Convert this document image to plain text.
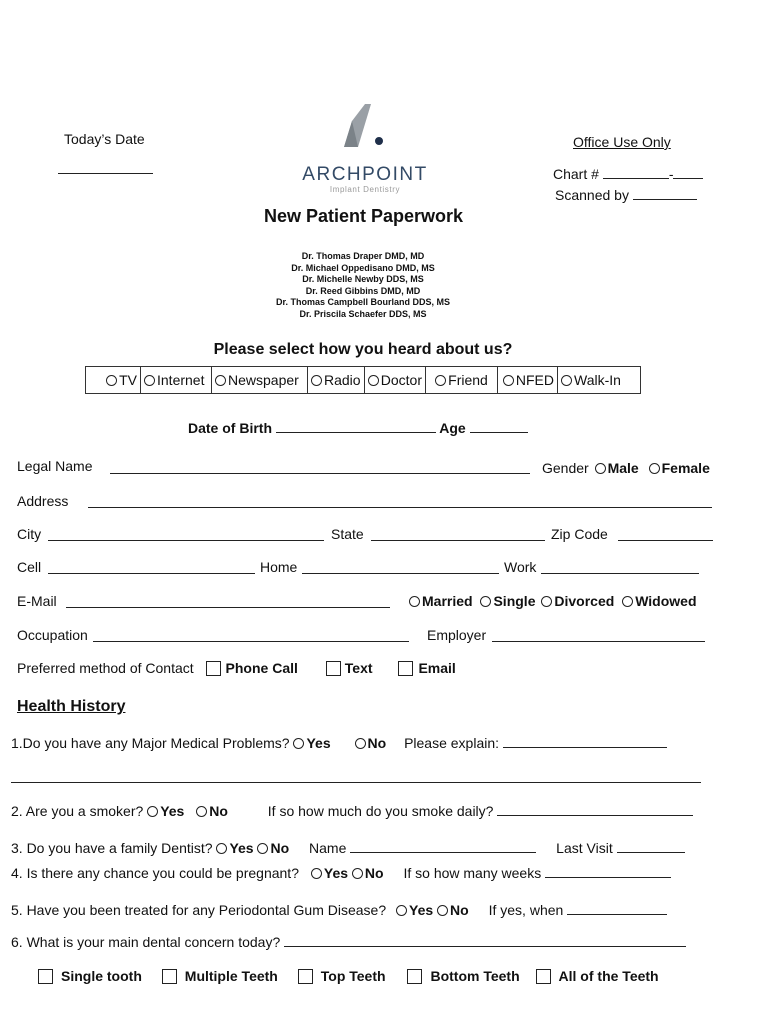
Today’s Date
ARCHPOINT
Implant Dentistry
Office Use Only
Chart #	-
Scanned by
New Patient Paperwork
Dr. Thomas Draper DMD, MD
Dr. Michael Oppedisano DMD, MS
Dr. Michelle Newby DDS, MS
Dr. Reed Gibbins DMD, MD
Dr. Thomas Campbell Bourland DDS, MS
Dr. Priscila Schaefer DDS, MS
Please select how you heard about us?
TV Internet Newspaper Radio Doctor Friend NFED Walk-In
Date of Birth	Age
Legal Name	Gender Male Female
Address
City	State	Zip Code
Cell	Home	Work
E-Mail	Married Single Divorced Widowed
Occupation	Employer
Preferred method of Contact Phone Call	Text	Email
Health History
1.Do you have any Major Medical Problems? Yes	No Please explain:
2. Are you a smoker? Yes No	If so how much do you smoke daily?
3. Do you have a family Dentist? Yes No Name	Last Visit
4. Is there any chance you could be pregnant? Yes No If so how many weeks
5. Have you been treated for any Periodontal Gum Disease? Yes No If yes, when
6. What is your main dental concern today?
Single tooth	Multiple Teeth	Top Teeth	Bottom Teeth	All of the Teeth
